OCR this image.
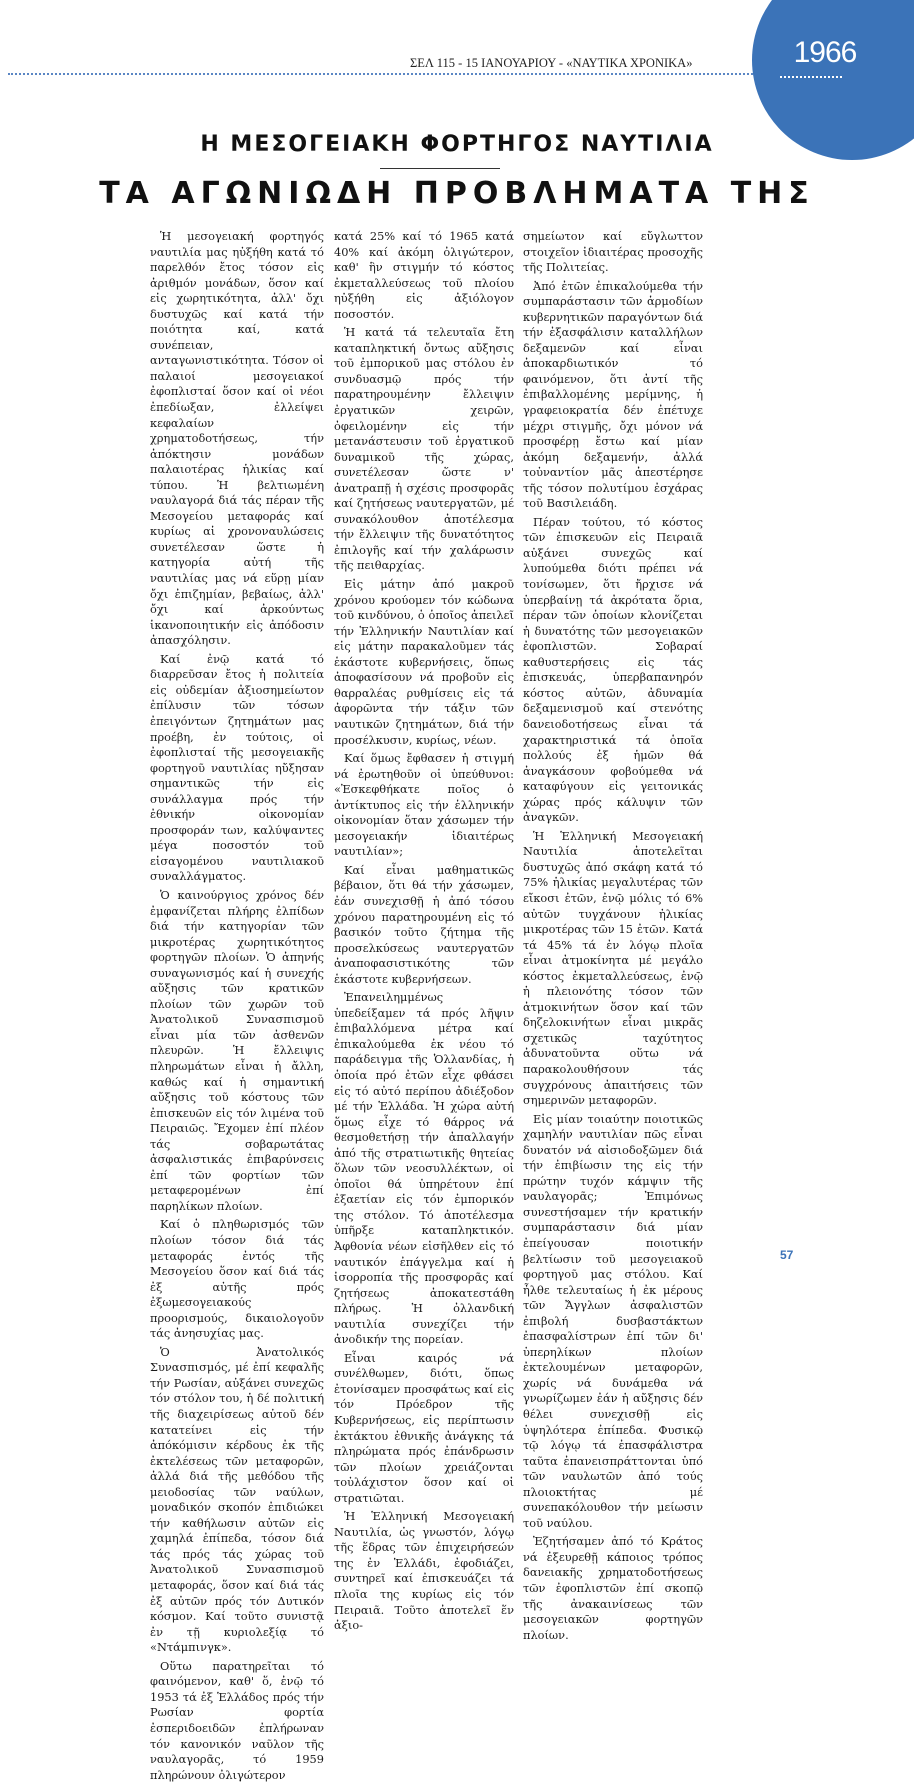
1966
ΣΕΛ 115 - 15 ΙΑΝΟΥΑΡΙΟΥ - «ΝΑΥΤΙΚΑ ΧΡΟΝΙΚΑ»
Η ΜΕΣΟΓΕΙΑΚΗ ΦΟΡΤΗΓΟΣ ΝΑΥΤΙΛΙΑ
ΤΑ ΑΓΩΝΙΩΔΗ ΠΡΟΒΛΗΜΑΤΑ ΤΗΣ

Ἡ μεσογειακή φορτηγός ναυτιλία μας ηὐξήθη κατά τό παρελθόν ἔτος τόσον εἰς ἀριθμόν μονάδων, ὅσον καί εἰς χωρητικότητα, ἀλλ' ὄχι δυστυχῶς καί κατά τήν ποιότητα καί, κατά συνέπειαν, ανταγωνιστικότητα. Τόσον οἱ παλαιοί μεσογειακοί ἐφοπλισταί ὅσον καί οἱ νέοι ἐπεδίωξαν, ἐλλείψει κεφαλαίων χρηματοδοτήσεως, τήν ἀπόκτησιν μονάδων παλαιοτέρας ἡλικίας καί τύπου. Ἡ βελτιωμένη ναυλαγορά διά τάς πέραν τῆς Μεσογείου μεταφοράς καί κυρίως αἱ χρονοναυλώσεις συνετέλεσαν ὥστε ἡ κατηγορία αὐτή τῆς ναυτιλίας μας νά εὕρῃ μίαν ὄχι ἐπιζημίαν, βεβαίως, ἀλλ' ὄχι καί ἀρκούντως ἱκανοποιητικήν εἰς ἀπόδοσιν ἀπασχόλησιν.

Καί ἐνῷ κατά τό διαρρεῦσαν ἔτος ἡ πολιτεία εἰς οὐδεμίαν ἀξιοσημείωτον ἐπίλυσιν τῶν τόσων ἐπειγόντων ζητημάτων μας προέβη, ἐν τούτοις, οἱ ἐφοπλισταί τῆς μεσογειακῆς φορτηγοῦ ναυτιλίας ηὔξησαν σημαντικῶς τήν εἰς συνάλλαγμα πρός τήν ἐθνικήν οἰκονομίαν προσφοράν των, καλύψαντες μέγα ποσοστόν τοῦ εἰσαγομένου ναυτιλιακοῦ συναλλάγματος.

Ὁ καινούργιος χρόνος δέν ἐμφανίζεται πλήρης ἐλπίδων διά τήν κατηγορίαν τῶν μικροτέρας χωρητικότητος φορτηγῶν πλοίων. Ὁ ἀπηνής συναγωνισμός καί ἡ συνεχής αὔξησις τῶν κρατικῶν πλοίων τῶν χωρῶν τοῦ Ἀνατολικοῦ Συνασπισμοῦ εἶναι μία τῶν ἀσθενῶν πλευρῶν. Ἡ ἔλλειψις πληρωμάτων εἶναι ἡ ἄλλη, καθώς καί ἡ σημαντική αὔξησις τοῦ κόστους τῶν ἐπισκευῶν εἰς τόν λιμένα τοῦ Πειραιῶς. Ἔχομεν ἐπί πλέον τάς σοβαρωτάτας ἀσφαλιστικάς ἐπιβαρύνσεις ἐπί τῶν φορτίων τῶν μεταφερομένων ἐπί παρηλίκων πλοίων.

Καί ὁ πληθωρισμός τῶν πλοίων τόσον διά τάς μεταφοράς ἐντός τῆς Μεσογείου ὅσον καί διά τάς ἐξ αὐτῆς πρός ἐξωμεσογειακούς προορισμούς, δικαιολογοῦν τάς ἀνησυχίας μας.

Ὁ Ἀνατολικός Συνασπισμός, μέ ἐπί κεφαλῆς τήν Ρωσίαν, αὐξάνει συνεχῶς τόν στόλον του, ἡ δέ πολιτική τῆς διαχειρίσεως αὐτοῦ δέν κατατείνει εἰς τήν ἀπόκόμισιν κέρδους ἐκ τῆς ἐκτελέσεως τῶν μεταφορῶν, ἀλλά διά τῆς μεθόδου τῆς μειοδοσίας τῶν ναύλων, μοναδικόν σκοπόν ἐπιδιώκει τήν καθήλωσιν αὐτῶν εἰς χαμηλά ἐπίπεδα, τόσον διά τάς πρός τάς χώρας τοῦ Ἀνατολικοῦ Συνασπισμοῦ μεταφοράς, ὅσον καί διά τάς ἐξ αὐτῶν πρός τόν Δυτικόν κόσμον. Καί τοῦτο συνιστᾷ ἐν τῇ κυριολεξίᾳ τό «Ντάμπινγκ».

Οὕτω παρατηρεῖται τό φαινόμενον, καθ' ὅ, ἐνῷ τό 1953 τά ἐξ Ἑλλάδος πρός τήν Ρωσίαν φορτία ἐσπεριδοειδῶν ἐπλήρωναν τόν κανονικόν ναῦλον τῆς ναυλαγορᾶς, τό 1959 πληρώνουν ὀλιγώτερον

κατά 25% καί τό 1965 κατά 40% καί ἀκόμη ὀλιγώτερον, καθ' ἣν στιγμήν τό κόστος ἐκμεταλλεύσεως τοῦ πλοίου ηὐξήθη εἰς ἀξιόλογον ποσοστόν.

Ἡ κατά τά τελευταῖα ἔτη καταπληκτική ὄντως αὔξησις τοῦ ἐμπορικοῦ μας στόλου ἐν συνδυασμῷ πρός τήν παρατηρουμένην ἔλλειψιν ἐργατικῶν χειρῶν, ὀφειλομένην εἰς τήν μετανάστευσιν τοῦ ἐργατικοῦ δυναμικοῦ τῆς χώρας, συνετέλεσαν ὥστε ν' ἀνατραπῇ ἡ σχέσις προσφορᾶς καί ζητήσεως ναυτεργατῶν, μέ συνακόλουθον ἀποτέλεσμα τήν ἔλλειψιν τῆς δυνατότητος ἐπιλογῆς καί τήν χαλάρωσιν τῆς πειθαρχίας.

Εἰς μάτην ἀπό μακροῦ χρόνου κρούομεν τόν κώδωνα τοῦ κινδύνου, ὁ ὁποῖος ἀπειλεῖ τήν Ἑλληνικήν Ναυτιλίαν καί εἰς μάτην παρακαλοῦμεν τάς ἑκάστοτε κυβερνήσεις, ὅπως ἀποφασίσουν νά προβοῦν εἰς θαρραλέας ρυθμίσεις εἰς τά ἀφορῶντα τήν τάξιν τῶν ναυτικῶν ζητημάτων, διά τήν προσέλκυσιν, κυρίως, νέων.

Καί ὅμως ἔφθασεν ἡ στιγμή νά ἐρωτηθοῦν οἱ ὑπεύθυνοι: «Ἐσκεφθήκατε ποῖος ὁ ἀντίκτυπος εἰς τήν ἑλληνικήν οἰκονομίαν ὅταν χάσωμεν τήν μεσογειακήν ἰδιαιτέρως ναυτιλίαν»;

Καί εἶναι μαθηματικῶς βέβαιον, ὅτι θά τήν χάσωμεν, ἐάν συνεχισθῇ ἡ ἀπό τόσου χρόνου παρατηρουμένη εἰς τό βασικόν τοῦτο ζήτημα τῆς προσελκύσεως ναυτεργατῶν ἀναποφασιστικότης τῶν ἑκάστοτε κυβερνήσεων.

Ἐπανειλημμένως ὑπεδείξαμεν τά πρός λῆψιν ἐπιβαλλόμενα μέτρα καί ἐπικαλούμεθα ἐκ νέου τό παράδειγμα τῆς Ὁλλανδίας, ἡ ὁποία πρό ἐτῶν εἶχε φθάσει εἰς τό αὐτό περίπου ἀδιέξοδον μέ τήν Ἑλλάδα. Ἡ χώρα αὐτή ὅμως εἶχε τό θάρρος νά θεσμοθετήσῃ τήν ἀπαλλαγήν ἀπό τῆς στρατιωτικῆς θητείας ὅλων τῶν νεοσυλλέκτων, οἱ ὁποῖοι θά ὑπηρέτουν ἐπί ἐξαετίαν εἰς τόν ἐμπορικόν της στόλον. Τό ἀποτέλεσμα ὑπῆρξε καταπληκτικόν. Ἀφθονία νέων εἰσῆλθεν εἰς τό ναυτικόν ἐπάγγελμα καί ἡ ἰσορροπία τῆς προσφορᾶς καί ζητήσεως ἀποκατεστάθη πλήρως. Ἡ ὀλλανδική ναυτιλία συνεχίζει τήν ἀνοδικήν της πορείαν.

Εἶναι καιρός νά συνέλθωμεν, διότι, ὅπως ἐτονίσαμεν προσφάτως καί εἰς τόν Πρόεδρον τῆς Κυβερνήσεως, εἰς περίπτωσιν ἐκτάκτου ἐθνικῆς ἀνάγκης τά πληρώματα πρός ἐπάνδρωσιν τῶν πλοίων χρειάζονται τοὐλάχιστον ὅσον καί οἱ στρατιῶται.

Ἡ Ἑλληνική Μεσογειακή Ναυτιλία, ὡς γνωστόν, λόγῳ τῆς ἕδρας τῶν ἐπιχειρήσεών της ἐν Ἑλλάδι, ἐφοδιάζει, συντηρεῖ καί ἐπισκευάζει τά πλοῖα της κυρίως εἰς τόν Πειραιᾶ. Τοῦτο ἀποτελεῖ ἕν ἀξιο-

σημείωτον καί εὔγλωττον στοιχεῖον ἰδιαιτέρας προσοχῆς τῆς Πολιτείας.

Ἀπό ἐτῶν ἐπικαλούμεθα τήν συμπαράστασιν τῶν ἁρμοδίων κυβερνητικῶν παραγόντων διά τήν ἐξασφάλισιν καταλλήλων δεξαμενῶν καί εἶναι ἀποκαρδιωτικόν τό φαινόμενον, ὅτι ἀντί τῆς ἐπιβαλλομένης μερίμνης, ἡ γραφειοκρατία δέν ἐπέτυχε μέχρι στιγμῆς, ὄχι μόνον νά προσφέρῃ ἔστω καί μίαν ἀκόμη δεξαμενήν, ἀλλά τοὐναντίον μᾶς ἀπεστέρησε τῆς τόσον πολυτίμου ἐσχάρας τοῦ Βασιλειάδη.

Πέραν τούτου, τό κόστος τῶν ἐπισκευῶν εἰς Πειραιᾶ αὐξάνει συνεχῶς καί λυπούμεθα διότι πρέπει νά τονίσωμεν, ὅτι ἤρχισε νά ὑπερβαίνῃ τά ἀκρότατα ὅρια, πέραν τῶν ὁποίων κλονίζεται ἡ δυνατότης τῶν μεσογειακῶν ἐφοπλιστῶν. Σοβαραί καθυστερήσεις εἰς τάς ἐπισκευάς, ὑπερβαπανηρόν κόστος αὐτῶν, ἀδυναμία δεξαμενισμοῦ καί στενότης δανειοδοτήσεως εἶναι τά χαρακτηριστικά τά ὁποῖα πολλούς ἐξ ἡμῶν θά ἀναγκάσουν φοβούμεθα νά καταφύγουν εἰς γειτονικάς χώρας πρός κάλυψιν τῶν ἀναγκῶν.

Ἡ Ἑλληνική Μεσογειακή Ναυτιλία ἀποτελεῖται δυστυχῶς ἀπό σκάφη κατά τό 75% ἡλικίας μεγαλυτέρας τῶν εἴκοσι ἐτῶν, ἐνῷ μόλις τό 6% αὐτῶν τυγχάνουν ἡλικίας μικροτέρας τῶν 15 ἐτῶν. Κατά τά 45% τά ἐν λόγῳ πλοῖα εἶναι ἀτμοκίνητα μέ μεγάλο κόστος ἐκμεταλλεύσεως, ἐνῷ ἡ πλειονότης τόσον τῶν ἀτμοκινήτων ὅσον καί τῶν δηζελοκινήτων εἶναι μικρᾶς σχετικῶς ταχύτητος ἀδυνατοῦντα οὕτω νά παρακολουθήσουν τάς συγχρόνους ἀπαιτήσεις τῶν σημερινῶν μεταφορῶν.

Εἰς μίαν τοιαύτην ποιοτικῶς χαμηλήν ναυτιλίαν πῶς εἶναι δυνατόν νά αἰσιοδοξῶμεν διά τήν ἐπιβίωσιν της εἰς τήν πρώτην τυχόν κάμψιν τῆς ναυλαγορᾶς; Ἐπιμόνως συνεστήσαμεν τήν κρατικήν συμπαράστασιν διά μίαν ἐπείγουσαν ποιοτικήν βελτίωσιν τοῦ μεσογειακοῦ φορτηγοῦ μας στόλου. Καί ἦλθε τελευταίως ἡ ἐκ μέρους τῶν Ἄγγλων ἀσφαλιστῶν ἐπιβολή δυσβαστάκτων ἐπασφαλίστρων ἐπί τῶν δι' ὑπερηλίκων πλοίων ἐκτελουμένων μεταφορῶν, χωρίς νά δυνάμεθα νά γνωρίζωμεν ἐάν ἡ αὔξησις δέν θέλει συνεχισθῇ εἰς ὑψηλότερα ἐπίπεδα. Φυσικῷ τῷ λόγῳ τά ἐπασφάλιστρα ταῦτα ἐπανεισπράττονται ὑπό τῶν ναυλωτῶν ἀπό τούς πλοιοκτήτας μέ συνεπακόλουθον τήν μείωσιν τοῦ ναύλου.

Ἐζητήσαμεν ἀπό τό Κράτος νά ἐξευρεθῇ κάποιος τρόπος δανειακῆς χρηματοδοτήσεως τῶν ἐφοπλιστῶν ἐπί σκοπῷ τῆς ἀνακαινίσεως τῶν μεσογειακῶν φορτηγῶν πλοίων.

57
